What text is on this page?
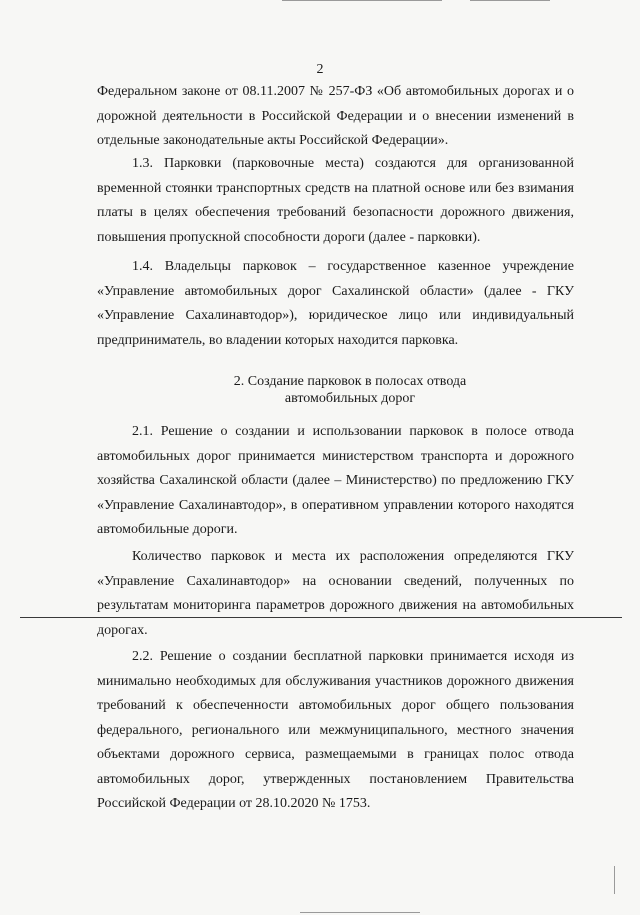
2

Федеральном законе от 08.11.2007 № 257-ФЗ «Об автомобильных дорогах и о дорожной деятельности в Российской Федерации и о внесении изменений в отдельные законодательные акты Российской Федерации».

1.3. Парковки (парковочные места) создаются для организованной временной стоянки транспортных средств на платной основе или без взимания платы в целях обеспечения требований безопасности дорожного движения, повышения пропускной способности дороги (далее - парковки).

1.4. Владельцы парковок – государственное казенное учреждение «Управление автомобильных дорог Сахалинской области» (далее - ГКУ «Управление Сахалинавтодор»), юридическое лицо или индивидуальный предприниматель, во владении которых находится парковка.

2. Создание парковок в полосах отвода
автомобильных дорог

2.1. Решение о создании и использовании парковок в полосе отвода автомобильных дорог принимается министерством транспорта и дорожного хозяйства Сахалинской области (далее – Министерство) по предложению ГКУ «Управление Сахалинавтодор», в оперативном управлении которого находятся автомобильные дороги.

Количество парковок и места их расположения определяются ГКУ «Управление Сахалинавтодор» на основании сведений, полученных по результатам мониторинга параметров дорожного движения на автомобильных дорогах.

2.2. Решение о создании бесплатной парковки принимается исходя из минимально необходимых для обслуживания участников дорожного движения требований к обеспеченности автомобильных дорог общего пользования федерального, регионального или межмуниципального, местного значения объектами дорожного сервиса, размещаемыми в границах полос отвода автомобильных дорог, утвержденных постановлением Правительства Российской Федерации от 28.10.2020 № 1753.
